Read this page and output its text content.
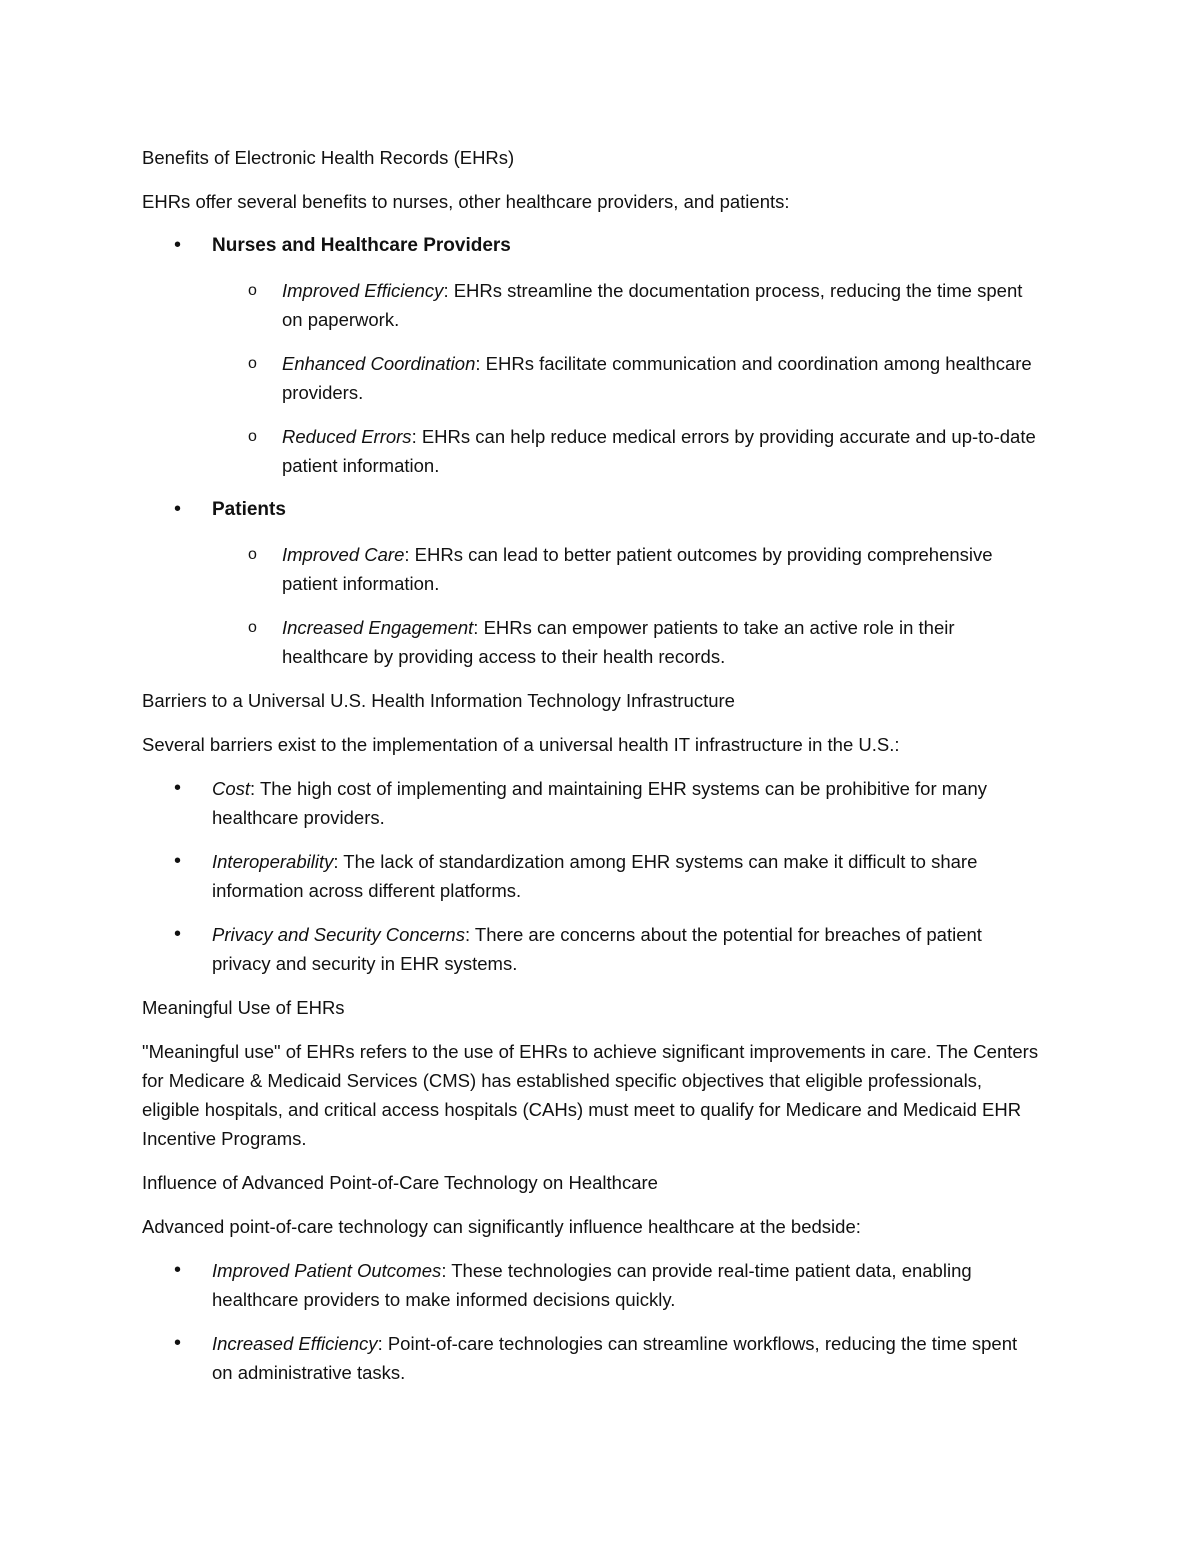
Benefits of Electronic Health Records (EHRs)

EHRs offer several benefits to nurses, other healthcare providers, and patients:

• Nurses and Healthcare Providers
o Improved Efficiency: EHRs streamline the documentation process, reducing the time spent on paperwork.
o Enhanced Coordination: EHRs facilitate communication and coordination among healthcare providers.
o Reduced Errors: EHRs can help reduce medical errors by providing accurate and up-to-date patient information.
• Patients
o Improved Care: EHRs can lead to better patient outcomes by providing comprehensive patient information.
o Increased Engagement: EHRs can empower patients to take an active role in their healthcare by providing access to their health records.

Barriers to a Universal U.S. Health Information Technology Infrastructure

Several barriers exist to the implementation of a universal health IT infrastructure in the U.S.:

• Cost: The high cost of implementing and maintaining EHR systems can be prohibitive for many healthcare providers.
• Interoperability: The lack of standardization among EHR systems can make it difficult to share information across different platforms.
• Privacy and Security Concerns: There are concerns about the potential for breaches of patient privacy and security in EHR systems.

Meaningful Use of EHRs

"Meaningful use" of EHRs refers to the use of EHRs to achieve significant improvements in care. The Centers for Medicare & Medicaid Services (CMS) has established specific objectives that eligible professionals, eligible hospitals, and critical access hospitals (CAHs) must meet to qualify for Medicare and Medicaid EHR Incentive Programs.

Influence of Advanced Point-of-Care Technology on Healthcare

Advanced point-of-care technology can significantly influence healthcare at the bedside:

• Improved Patient Outcomes: These technologies can provide real-time patient data, enabling healthcare providers to make informed decisions quickly.
• Increased Efficiency: Point-of-care technologies can streamline workflows, reducing the time spent on administrative tasks.
